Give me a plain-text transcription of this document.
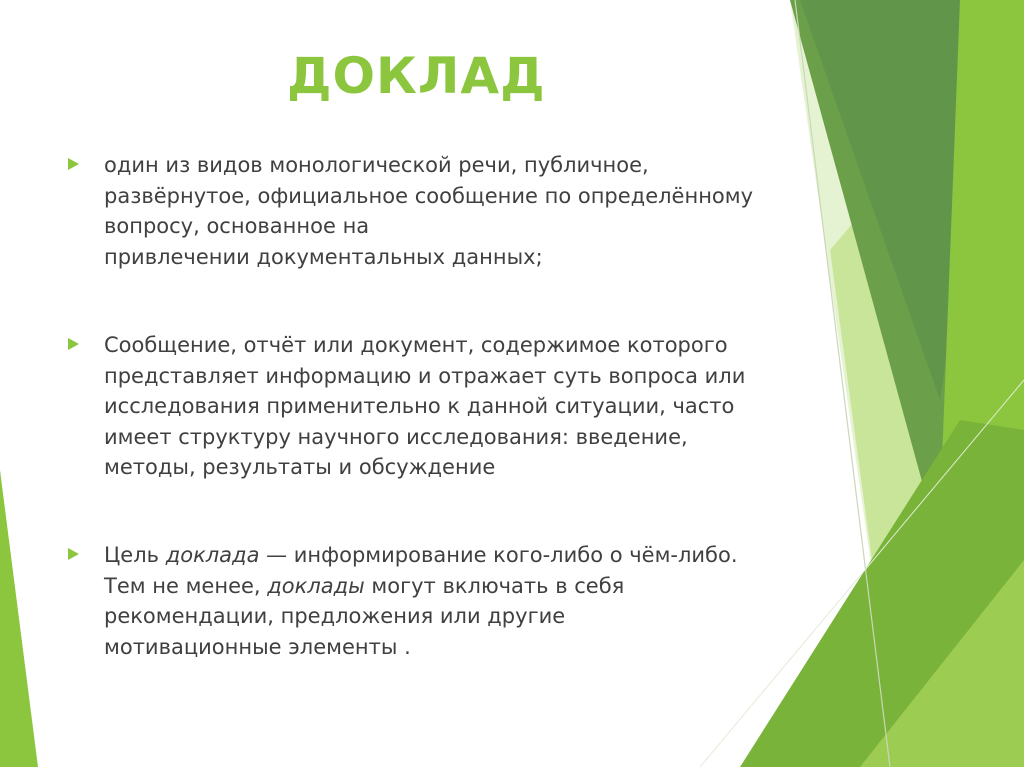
ДОКЛАД
один из видов монологической речи, публичное,
развёрнутое, официальное сообщение по определённому
вопросу, основанное на
привлечении документальных данных;
Сообщение, отчёт или документ, содержимое которого
представляет информацию и отражает суть вопроса или
исследования применительно к данной ситуации, часто
имеет структуру научного исследования: введение,
методы, результаты и обсуждение
Цель доклада — информирование кого-либо о чём-либо.
Тем не менее, доклады могут включать в себя
рекомендации, предложения или другие
мотивационные элементы .
